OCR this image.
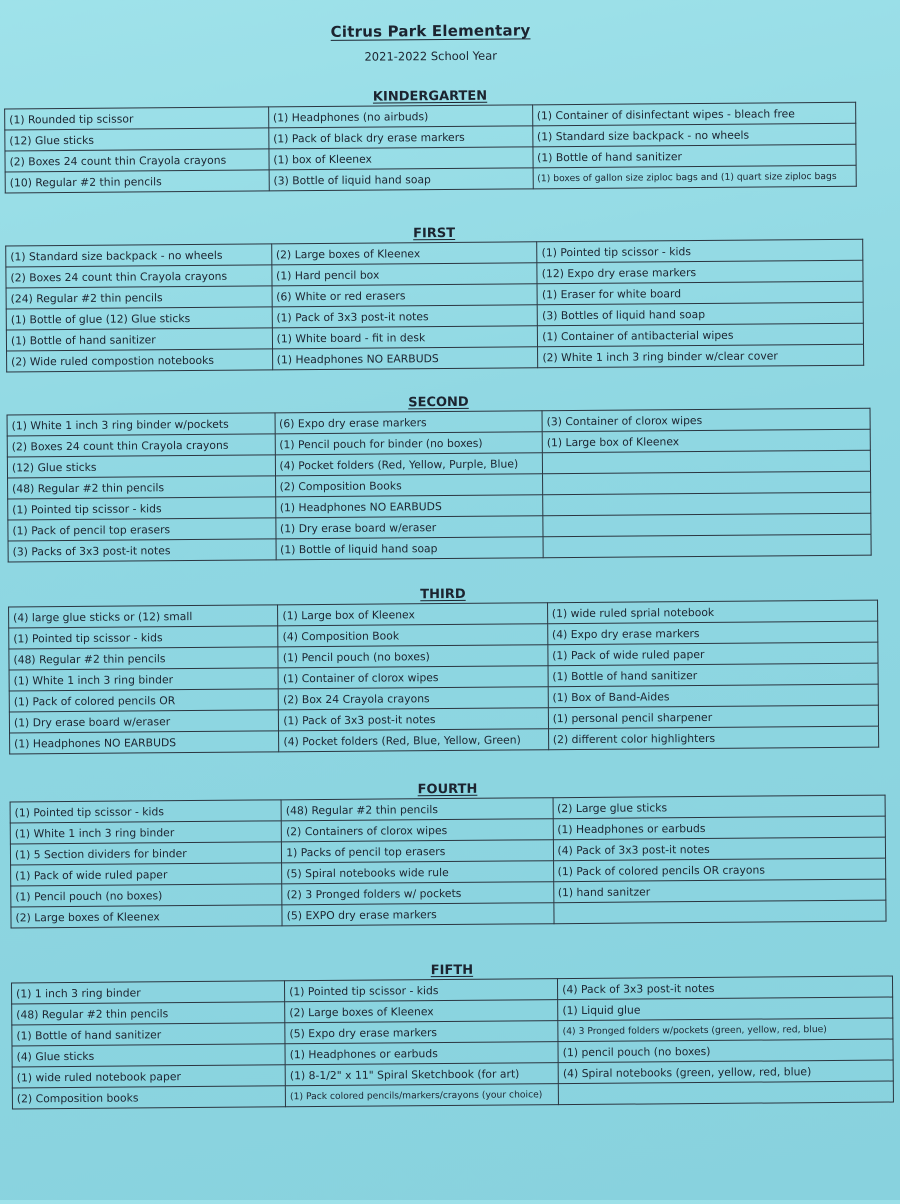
Citrus Park Elementary
2021-2022 School Year
KINDERGARTEN
(1) Rounded tip scissor	(1) Headphones (no airbuds)	(1) Container of disinfectant wipes - bleach free
(12) Glue sticks	(1) Pack of black dry erase markers	(1) Standard size backpack - no wheels
(2) Boxes 24 count thin Crayola crayons	(1) box of Kleenex	(1) Bottle of hand sanitizer
(10) Regular #2 thin pencils	(3) Bottle of liquid hand soap	(1) boxes of gallon size ziploc bags and (1) quart size ziploc bags
FIRST
(1) Standard size backpack - no wheels	(2) Large boxes of Kleenex	(1) Pointed tip scissor - kids
(2) Boxes 24 count thin Crayola crayons	(1) Hard pencil box	(12) Expo dry erase markers
(24) Regular #2 thin pencils	(6) White or red erasers	(1) Eraser for white board
(1) Bottle of glue (12) Glue sticks	(1) Pack of 3x3 post-it notes	(3) Bottles of liquid hand soap
(1) Bottle of hand sanitizer	(1) White board - fit in desk	(1) Container of antibacterial wipes
(2) Wide ruled compostion notebooks	(1) Headphones NO EARBUDS	(2) White 1 inch 3 ring binder w/clear cover
SECOND
(1) White 1 inch 3 ring binder w/pockets	(6) Expo dry erase markers	(3) Container of clorox wipes
(2) Boxes 24 count thin Crayola crayons	(1) Pencil pouch for binder (no boxes)	(1) Large box of Kleenex
(12) Glue sticks	(4) Pocket folders (Red, Yellow, Purple, Blue)	
(48) Regular #2 thin pencils	(2) Composition Books	
(1) Pointed tip scissor - kids	(1) Headphones NO EARBUDS	
(1) Pack of pencil top erasers	(1) Dry erase board w/eraser	
(3) Packs of 3x3 post-it notes	(1) Bottle of liquid hand soap	
THIRD
(4) large glue sticks or (12) small	(1) Large box of Kleenex	(1) wide ruled sprial notebook
(1) Pointed tip scissor - kids	(4) Composition Book	(4) Expo dry erase markers
(48) Regular #2 thin pencils	(1) Pencil pouch (no boxes)	(1) Pack of wide ruled paper
(1) White 1 inch 3 ring binder	(1) Container of clorox wipes	(1) Bottle of hand sanitizer
(1) Pack of colored pencils OR	(2) Box 24 Crayola crayons	(1) Box of Band-Aides
(1) Dry erase board w/eraser	(1) Pack of 3x3 post-it notes	(1) personal pencil sharpener
(1) Headphones NO EARBUDS	(4) Pocket folders (Red, Blue, Yellow, Green)	(2) different color highlighters
FOURTH
(1) Pointed tip scissor - kids	(48) Regular #2 thin pencils	(2) Large glue sticks
(1) White 1 inch 3 ring binder	(2) Containers of clorox wipes	(1) Headphones or earbuds
(1) 5 Section dividers for binder	1) Packs of pencil top erasers	(4) Pack of 3x3 post-it notes
(1) Pack of wide ruled paper	(5) Spiral notebooks wide rule	(1) Pack of colored pencils OR crayons
(1) Pencil pouch (no boxes)	(2) 3 Pronged folders w/ pockets	(1) hand sanitzer
(2) Large boxes of Kleenex	(5) EXPO dry erase markers	
FIFTH
(1) 1 inch 3 ring binder	(1) Pointed tip scissor - kids	(4) Pack of 3x3 post-it notes
(48) Regular #2 thin pencils	(2) Large boxes of Kleenex	(1) Liquid glue
(1) Bottle of hand sanitizer	(5) Expo dry erase markers	(4) 3 Pronged folders w/pockets (green, yellow, red, blue)
(4) Glue sticks	(1) Headphones or earbuds	(1) pencil pouch (no boxes)
(1) wide ruled notebook paper	(1) 8-1/2" x 11" Spiral Sketchbook (for art)	(4) Spiral notebooks (green, yellow, red, blue)
(2) Composition books	(1) Pack colored pencils/markers/crayons (your choice)	
